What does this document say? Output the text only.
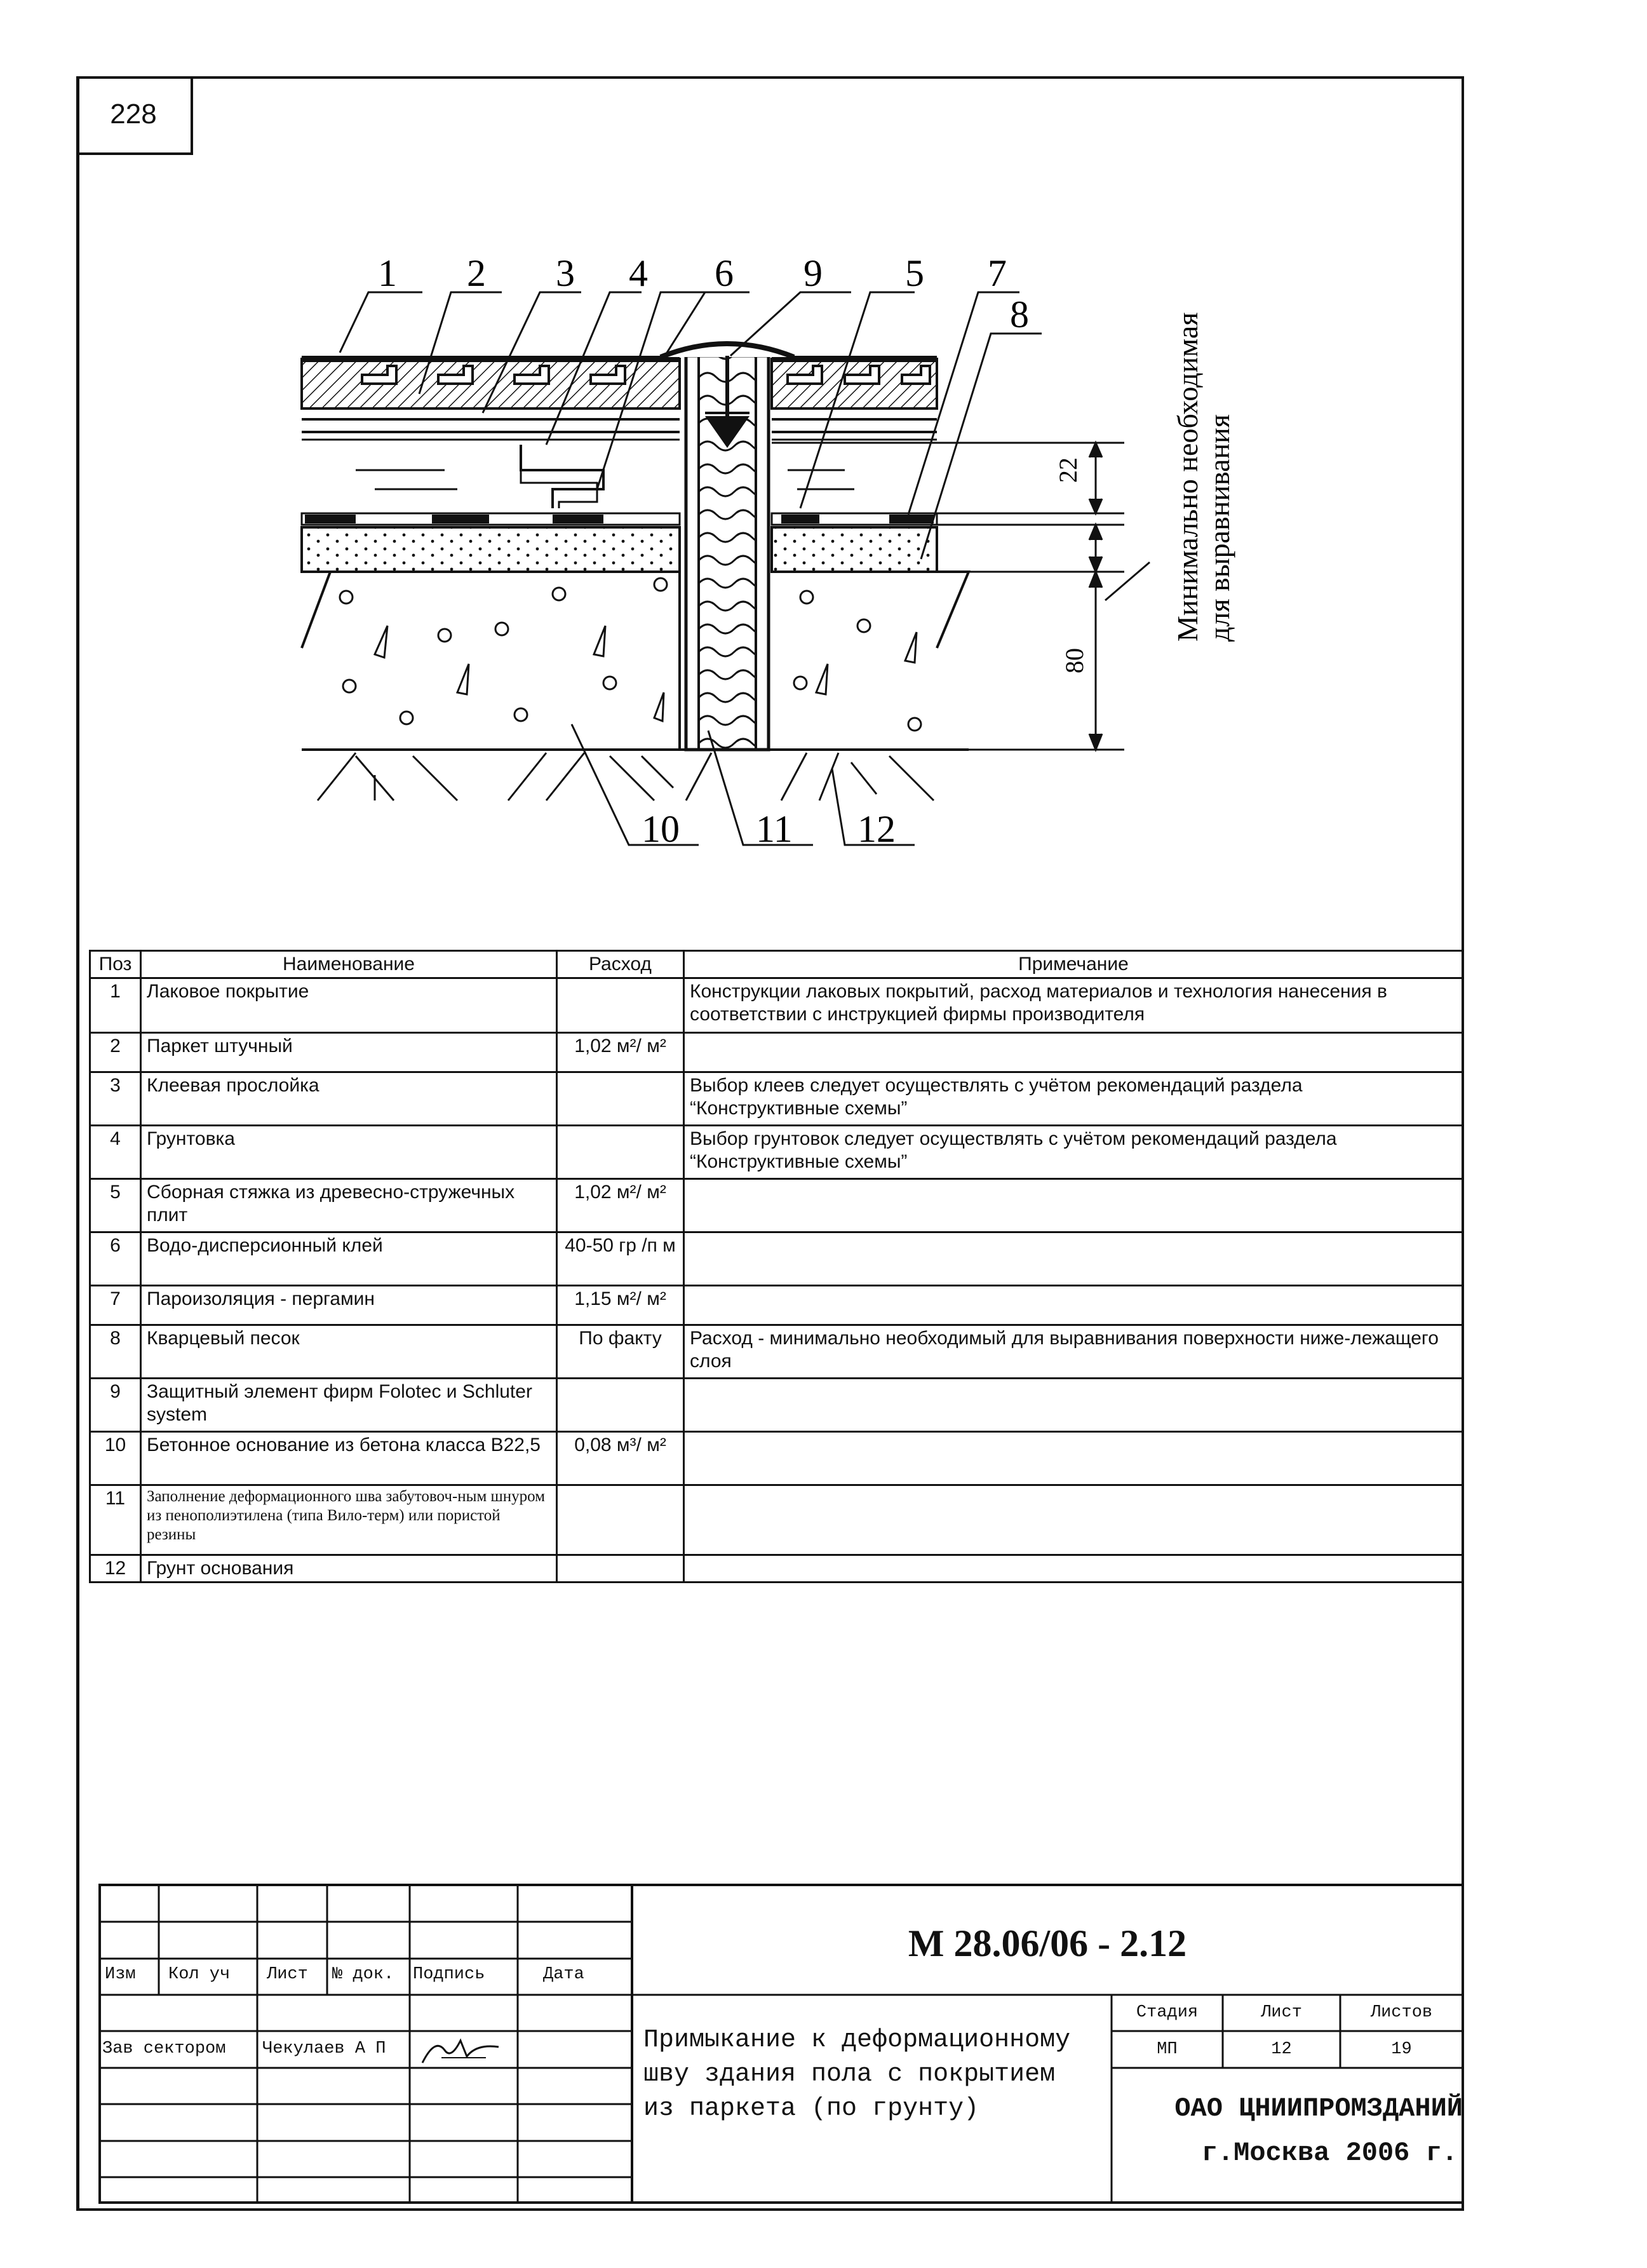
228
22
80
Минимально необходимая для выравнивания
1 2 3 4 6 9 5 7
8
10 11 12
Поз	Наименование	Расход	Примечание
1	Лаковое покрытие		Конструкции лаковых покрытий, расход материалов и технология нанесения в соответствии с инструкцией фирмы производителя
2	Паркет штучный	1,02 м²/ м²	
3	Клеевая прослойка		Выбор клеев следует осуществлять с учётом рекомендаций раздела “Конструктивные схемы”
4	Грунтовка		Выбор грунтовок следует осуществлять с учётом рекомендаций раздела “Конструктивные схемы”
5	Сборная стяжка из древесно-стружечных плит	1,02 м²/ м²	
6	Водо-дисперсионный клей	40-50 гр /п м	
7	Пароизоляция - пергамин	1,15 м²/ м²	
8	Кварцевый песок	По факту	Расход - минимально необходимый для выравнивания поверхности ниже-лежащего слоя
9	Защитный элемент фирм Folotec и Schluter system		
10	Бетонное основание из бетона класса В22,5	0,08 м³/ м²	
11	Заполнение деформационного шва забутовоч-ным шнуром из пенополиэтилена (типа Вило-терм) или пористой резины		
12	Грунт основания		
М 28.06/06 - 2.12
Изм Кол уч Лист № док. Подпись	Дата
Зав сектором Чекулаев А П	Примыкание к деформационному
шву здания пола с покрытием
из паркета (по грунту)
Стадия	Лист	Листов
МП	12	19
ОАО ЦНИИПРОМЗДАНИЙ
г.Москва 2006 г.
